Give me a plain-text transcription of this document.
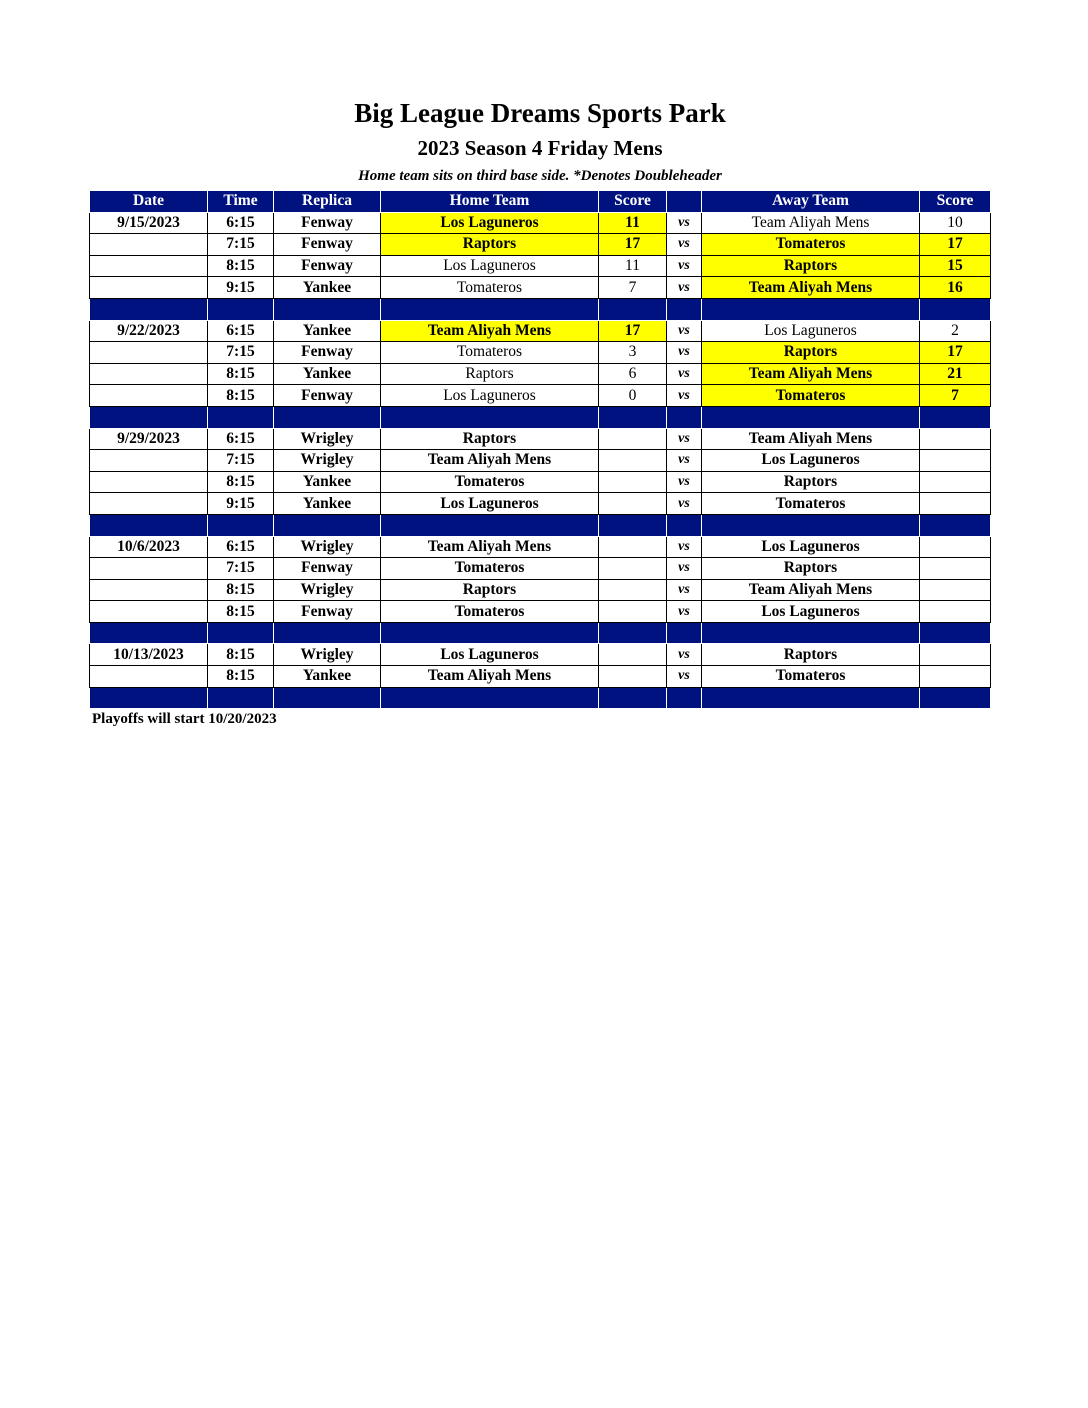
Big League Dreams Sports Park
2023 Season 4 Friday Mens
Home team sits on third base side. *Denotes Doubleheader
Date	Time	Replica	Home Team	Score		Away Team	Score
9/15/2023	6:15	Fenway	Los Laguneros	11	vs	Team Aliyah Mens	10
	7:15	Fenway	Raptors	17	vs	Tomateros	17
	8:15	Fenway	Los Laguneros	11	vs	Raptors	15
	9:15	Yankee	Tomateros	7	vs	Team Aliyah Mens	16

9/22/2023	6:15	Yankee	Team Aliyah Mens	17	vs	Los Laguneros	2
	7:15	Fenway	Tomateros	3	vs	Raptors	17
	8:15	Yankee	Raptors	6	vs	Team Aliyah Mens	21
	8:15	Fenway	Los Laguneros	0	vs	Tomateros	7

9/29/2023	6:15	Wrigley	Raptors		vs	Team Aliyah Mens	
	7:15	Wrigley	Team Aliyah Mens		vs	Los Laguneros	
	8:15	Yankee	Tomateros		vs	Raptors	
	9:15	Yankee	Los Laguneros		vs	Tomateros	

10/6/2023	6:15	Wrigley	Team Aliyah Mens		vs	Los Laguneros	
	7:15	Fenway	Tomateros		vs	Raptors	
	8:15	Wrigley	Raptors		vs	Team Aliyah Mens	
	8:15	Fenway	Tomateros		vs	Los Laguneros	

10/13/2023	8:15	Wrigley	Los Laguneros		vs	Raptors	
	8:15	Yankee	Team Aliyah Mens		vs	Tomateros	

Playoffs will start 10/20/2023
